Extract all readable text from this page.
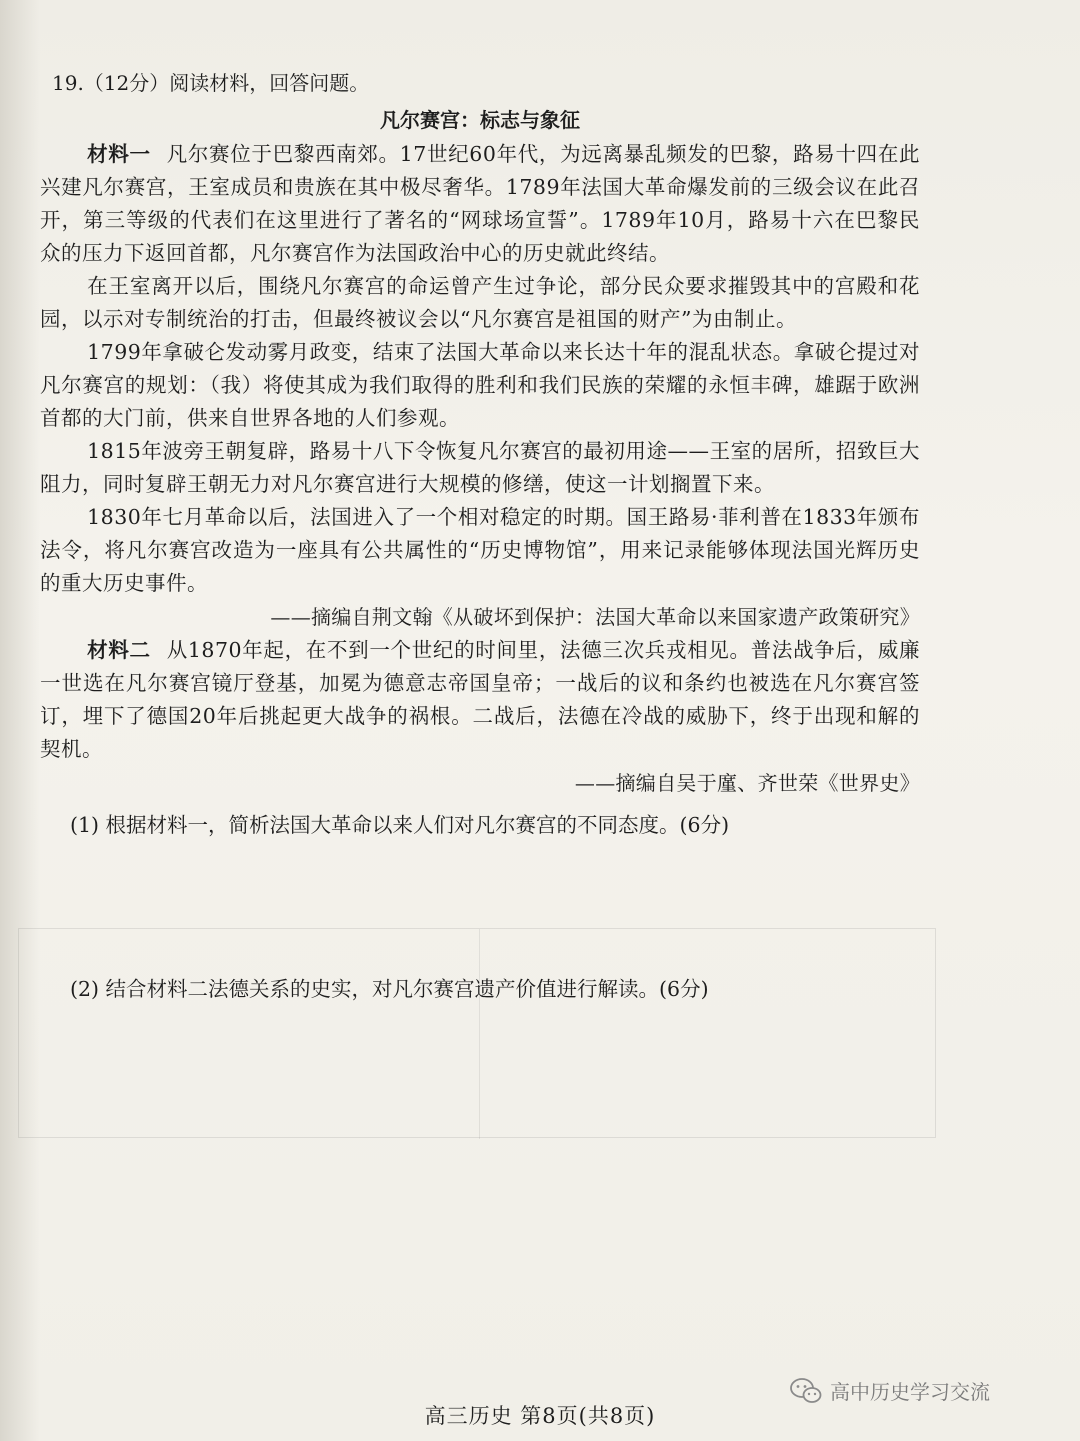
19.（12分）阅读材料，回答问题。
凡尔赛宫：标志与象征

材料一 凡尔赛位于巴黎西南郊。17世纪60年代，为远离暴乱频发的巴黎，路易十四在此兴建凡尔赛宫，王室成员和贵族在其中极尽奢华。1789年法国大革命爆发前的三级会议在此召开，第三等级的代表们在这里进行了著名的“网球场宣誓”。1789年10月，路易十六在巴黎民众的压力下返回首都，凡尔赛宫作为法国政治中心的历史就此终结。

在王室离开以后，围绕凡尔赛宫的命运曾产生过争论，部分民众要求摧毁其中的宫殿和花园，以示对专制统治的打击，但最终被议会以“凡尔赛宫是祖国的财产”为由制止。

1799年拿破仑发动雾月政变，结束了法国大革命以来长达十年的混乱状态。拿破仑提过对凡尔赛宫的规划：（我）将使其成为我们取得的胜利和我们民族的荣耀的永恒丰碑，雄踞于欧洲首都的大门前，供来自世界各地的人们参观。

1815年波旁王朝复辟，路易十八下令恢复凡尔赛宫的最初用途——王室的居所，招致巨大阻力，同时复辟王朝无力对凡尔赛宫进行大规模的修缮，使这一计划搁置下来。

1830年七月革命以后，法国进入了一个相对稳定的时期。国王路易·菲利普在1833年颁布法令，将凡尔赛宫改造为一座具有公共属性的“历史博物馆”，用来记录能够体现法国光辉历史的重大历史事件。

——摘编自荆文翰《从破坏到保护：法国大革命以来国家遗产政策研究》

材料二 从1870年起，在不到一个世纪的时间里，法德三次兵戎相见。普法战争后，威廉一世选在凡尔赛宫镜厅登基，加冕为德意志帝国皇帝；一战后的议和条约也被选在凡尔赛宫签订，埋下了德国20年后挑起更大战争的祸根。二战后，法德在冷战的威胁下，终于出现和解的契机。

——摘编自吴于廑、齐世荣《世界史》
(1) 根据材料一，简析法国大革命以来人们对凡尔赛宫的不同态度。(6分)
(2) 结合材料二法德关系的史实，对凡尔赛宫遗产价值进行解读。(6分)
高中历史学习交流
高三历史 第8页(共8页)
